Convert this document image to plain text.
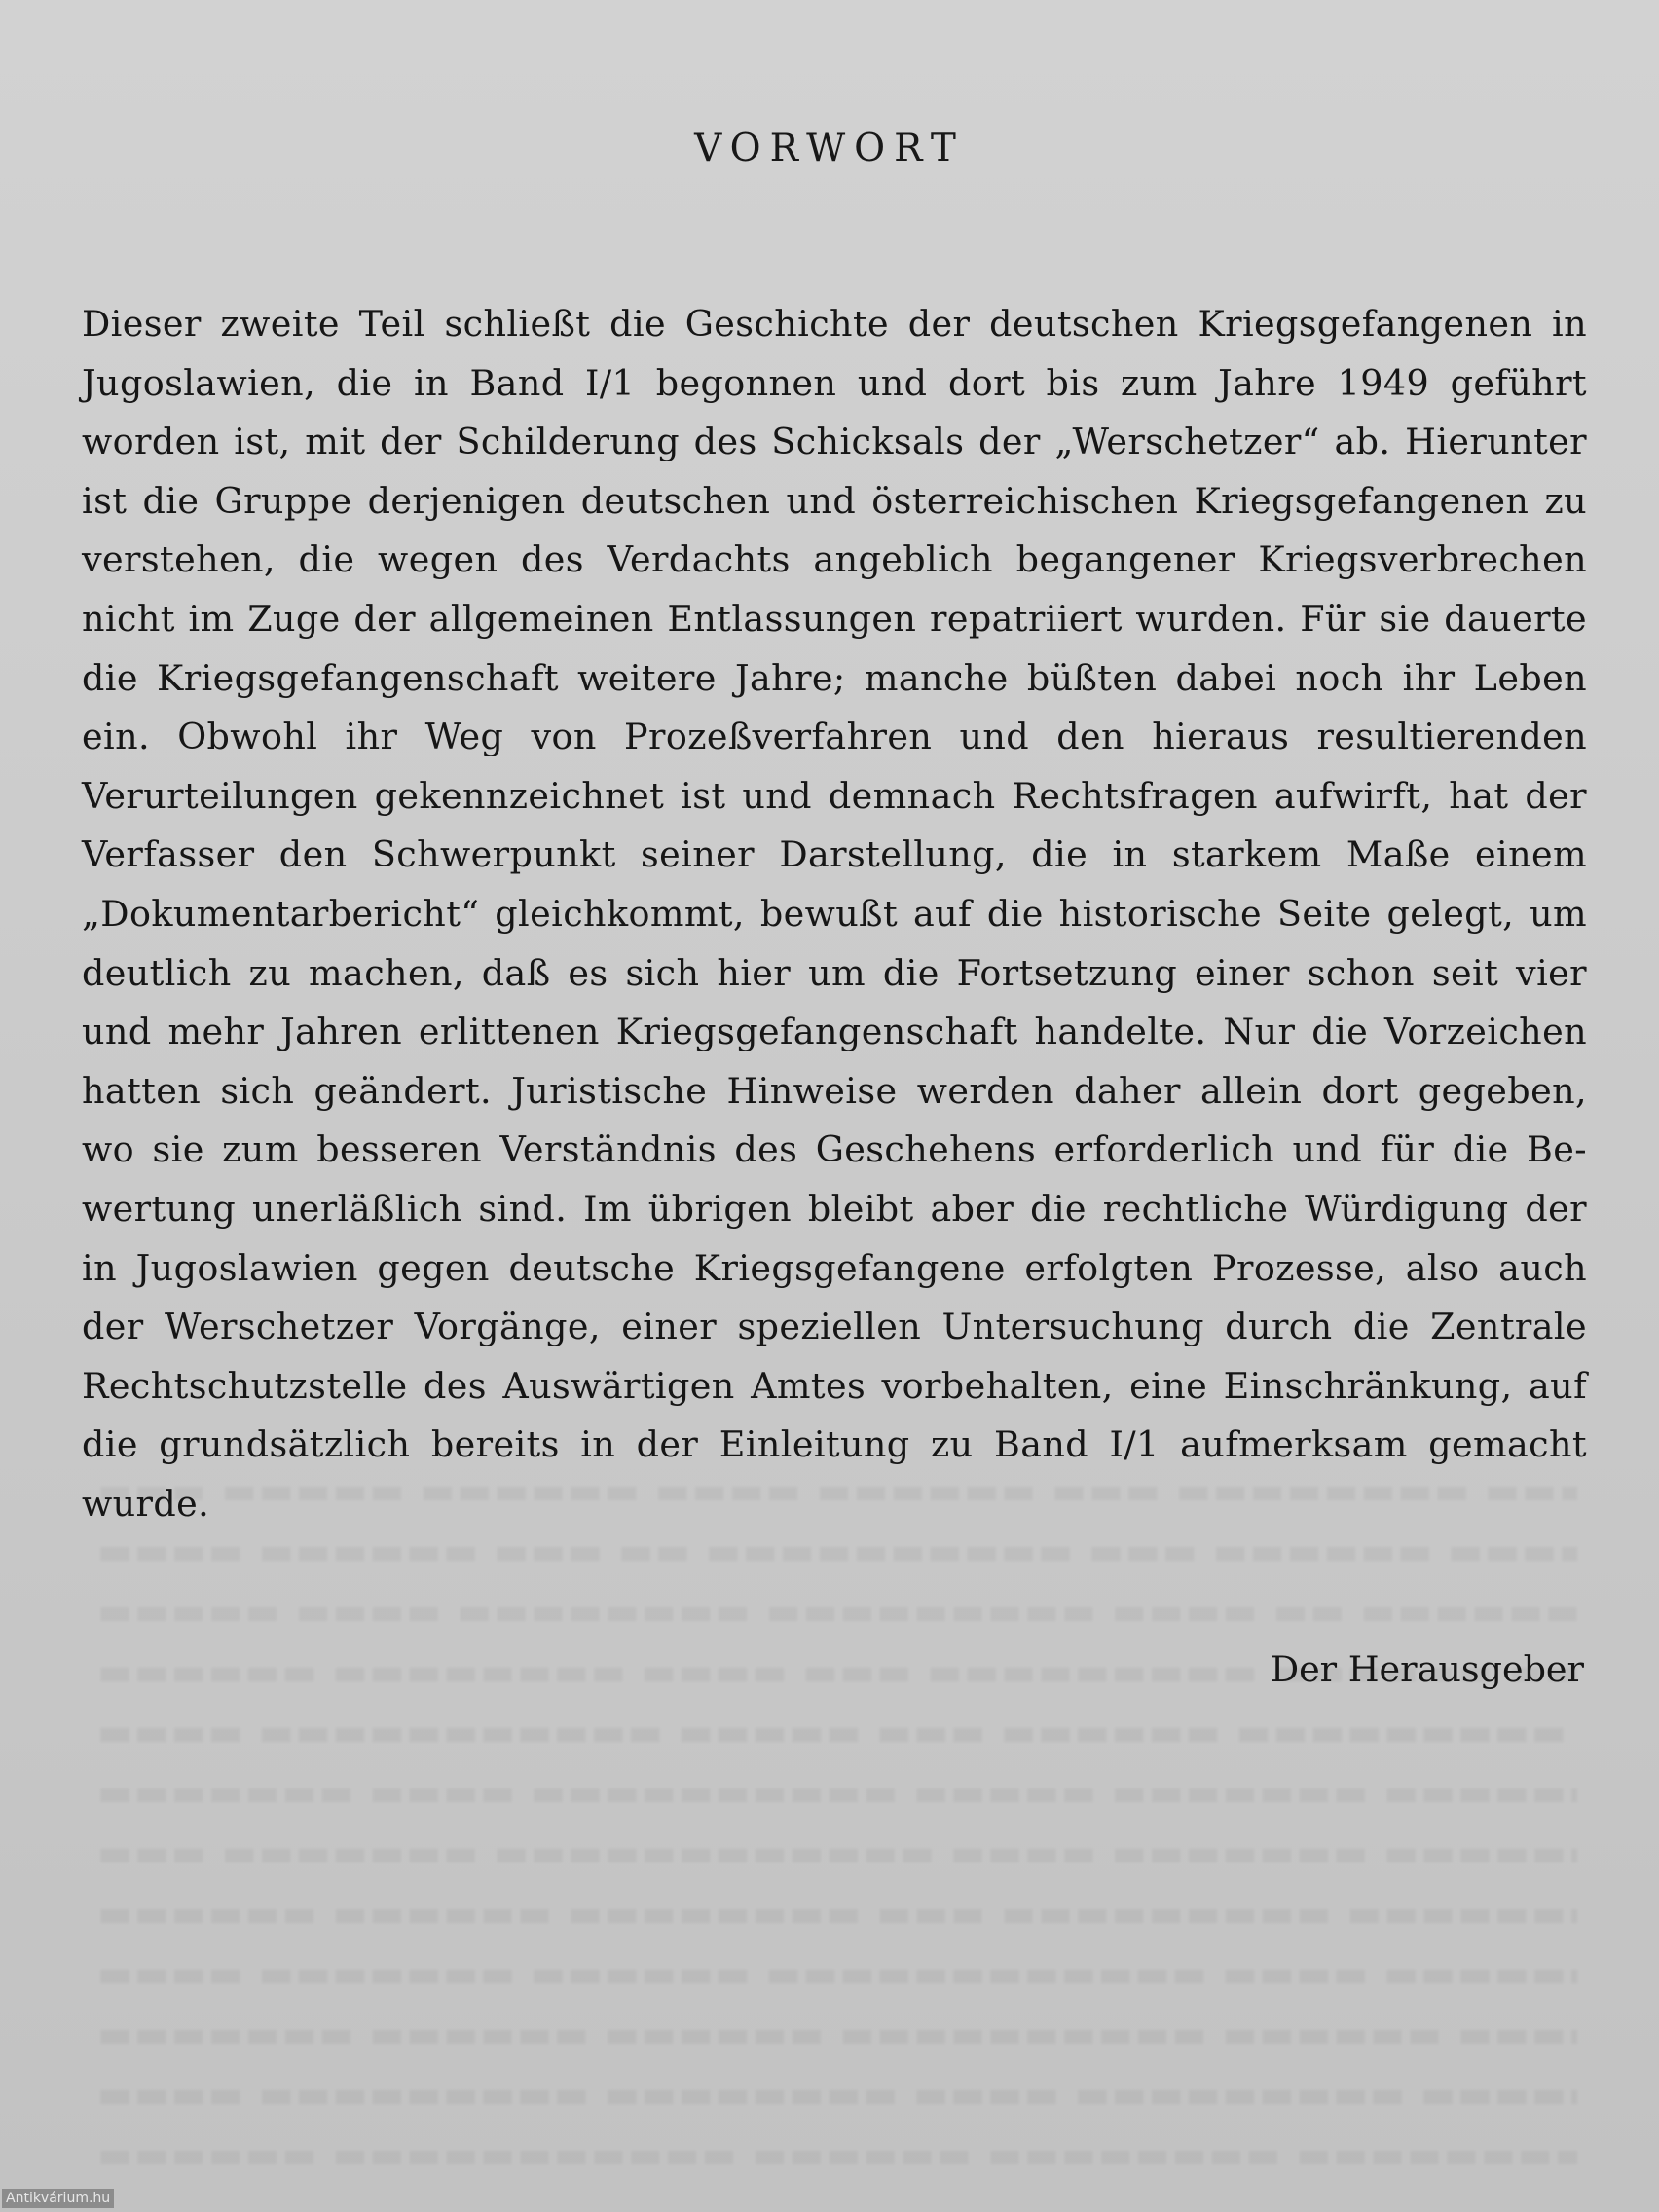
VORWORT

Dieser zweite Teil schließt die Geschichte der deutschen Kriegsgefangenen in
Jugoslawien, die in Band I/1 begonnen und dort bis zum Jahre 1949 geführt
worden ist, mit der Schilderung des Schicksals der „Werschetzer“ ab. Hierunter
ist die Gruppe derjenigen deutschen und österreichischen Kriegsgefangenen zu
verstehen, die wegen des Verdachts angeblich begangener Kriegsverbrechen
nicht im Zuge der allgemeinen Entlassungen repatriiert wurden. Für sie dauerte
die Kriegsgefangenschaft weitere Jahre; manche büßten dabei noch ihr Leben
ein. Obwohl ihr Weg von Prozeßverfahren und den hieraus resultierenden
Verurteilungen gekennzeichnet ist und demnach Rechtsfragen aufwirft, hat der
Verfasser den Schwerpunkt seiner Darstellung, die in starkem Maße einem
„Dokumentarbericht“ gleichkommt, bewußt auf die historische Seite gelegt, um
deutlich zu machen, daß es sich hier um die Fortsetzung einer schon seit vier
und mehr Jahren erlittenen Kriegsgefangenschaft handelte. Nur die Vorzeichen
hatten sich geändert. Juristische Hinweise werden daher allein dort gegeben,
wo sie zum besseren Verständnis des Geschehens erforderlich und für die Be-
wertung unerläßlich sind. Im übrigen bleibt aber die rechtliche Würdigung der
in Jugoslawien gegen deutsche Kriegsgefangene erfolgten Prozesse, also auch
der Werschetzer Vorgänge, einer speziellen Untersuchung durch die Zentrale
Rechtschutzstelle des Auswärtigen Amtes vorbehalten, eine Einschränkung, auf
die grundsätzlich bereits in der Einleitung zu Band I/1 aufmerksam gemacht
wurde.

Der Herausgeber

Antikvárium.hu
